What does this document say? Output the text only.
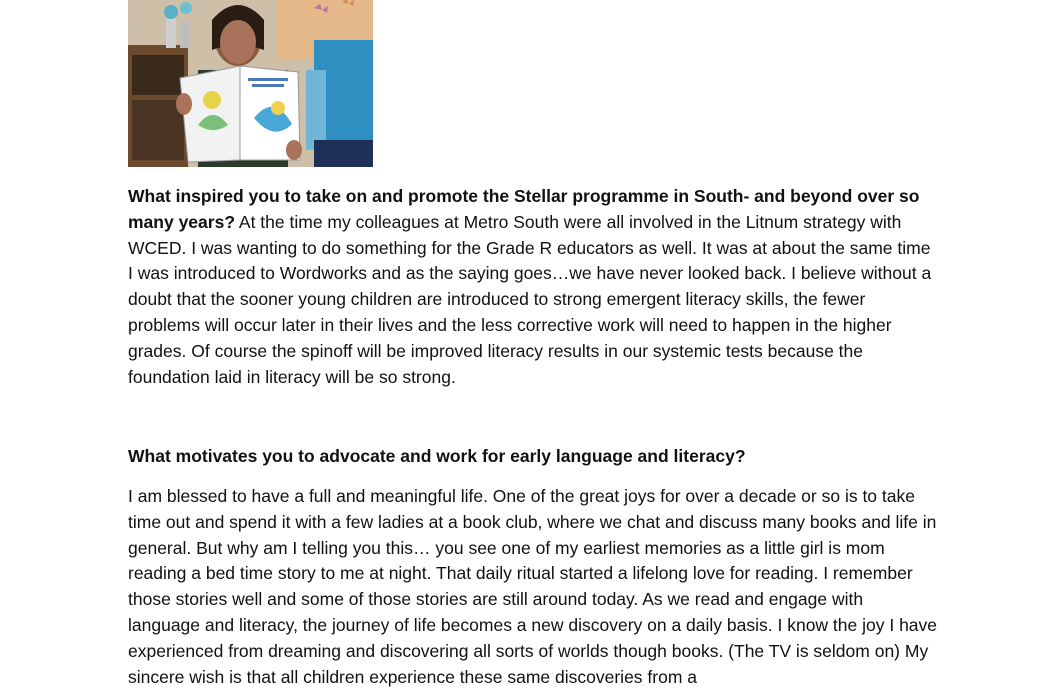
What inspired you to take on and promote the Stellar programme in South- and beyond over so many years? At the time my colleagues at Metro South were all involved in the Litnum strategy with WCED. I was wanting to do something for the Grade R educators as well. It was at about the same time I was introduced to Wordworks and as the saying goes…we have never looked back. I believe without a doubt that the sooner young children are introduced to strong emergent literacy skills, the fewer problems will occur later in their lives and the less corrective work will need to happen in the higher grades. Of course the spinoff will be improved literacy results in our systemic tests because the foundation laid in literacy will be so strong.

What motivates you to advocate and work for early language and literacy?

I am blessed to have a full and meaningful life. One of the great joys for over a decade or so is to take time out and spend it with a few ladies at a book club, where we chat and discuss many books and life in general. But why am I telling you this… you see one of my earliest memories as a little girl is mom reading a bed time story to me at night. That daily ritual started a lifelong love for reading. I remember those stories well and some of those stories are still around today. As we read and engage with language and literacy, the journey of life becomes a new discovery on a daily basis. I know the joy I have experienced from dreaming and discovering all sorts of worlds though books. (The TV is seldom on) My sincere wish is that all children experience these same discoveries from a
